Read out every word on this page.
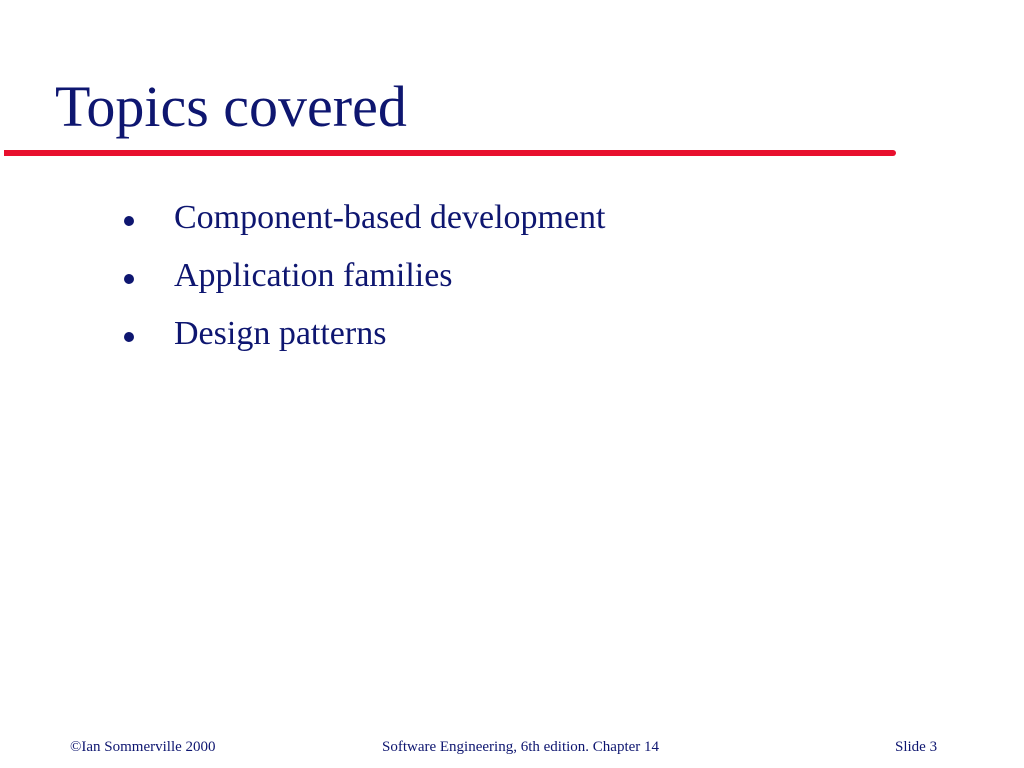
Topics covered
Component-based development
Application families
Design patterns
©Ian Sommerville 2000	Software Engineering, 6th edition. Chapter 14	Slide 3
